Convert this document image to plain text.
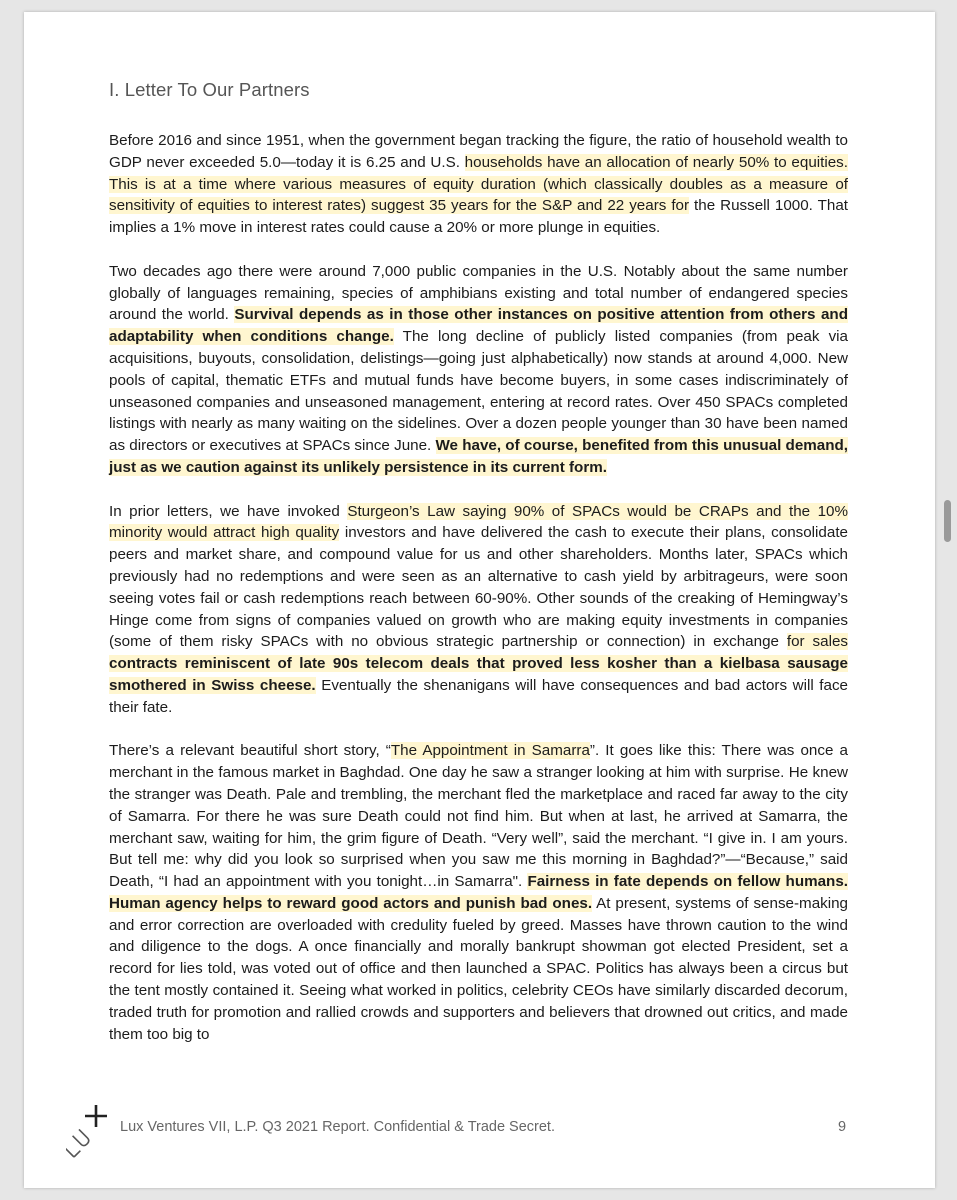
I. Letter To Our Partners

Before 2016 and since 1951, when the government began tracking the figure, the ratio of household wealth to GDP never exceeded 5.0—today it is 6.25 and U.S. households have an allocation of nearly 50% to equities. This is at a time where various measures of equity duration (which classically doubles as a measure of sensitivity of equities to interest rates) suggest 35 years for the S&P and 22 years for the Russell 1000. That implies a 1% move in interest rates could cause a 20% or more plunge in equities.

Two decades ago there were around 7,000 public companies in the U.S. Notably about the same number globally of languages remaining, species of amphibians existing and total number of endangered species around the world. Survival depends as in those other instances on positive attention from others and adaptability when conditions change. The long decline of publicly listed companies (from peak via acquisitions, buyouts, consolidation, delistings—going just alphabetically) now stands at around 4,000. New pools of capital, thematic ETFs and mutual funds have become buyers, in some cases indiscriminately of unseasoned companies and unseasoned management, entering at record rates. Over 450 SPACs completed listings with nearly as many waiting on the sidelines. Over a dozen people younger than 30 have been named as directors or executives at SPACs since June. We have, of course, benefited from this unusual demand, just as we caution against its unlikely persistence in its current form.

In prior letters, we have invoked Sturgeon’s Law saying 90% of SPACs would be CRAPs and the 10% minority would attract high quality investors and have delivered the cash to execute their plans, consolidate peers and market share, and compound value for us and other shareholders. Months later, SPACs which previously had no redemptions and were seen as an alternative to cash yield by arbitrageurs, were soon seeing votes fail or cash redemptions reach between 60-90%. Other sounds of the creaking of Hemingway’s Hinge come from signs of companies valued on growth who are making equity investments in companies (some of them risky SPACs with no obvious strategic partnership or connection) in exchange for sales contracts reminiscent of late 90s telecom deals that proved less kosher than a kielbasa sausage smothered in Swiss cheese. Eventually the shenanigans will have consequences and bad actors will face their fate.

There’s a relevant beautiful short story, “The Appointment in Samarra”. It goes like this: There was once a merchant in the famous market in Baghdad. One day he saw a stranger looking at him with surprise. He knew the stranger was Death. Pale and trembling, the merchant fled the marketplace and raced far away to the city of Samarra. For there he was sure Death could not find him. But when at last, he arrived at Samarra, the merchant saw, waiting for him, the grim figure of Death. “Very well”, said the merchant. “I give in. I am yours. But tell me: why did you look so surprised when you saw me this morning in Baghdad?”—“Because,” said Death, “I had an appointment with you tonight…in Samarra". Fairness in fate depends on fellow humans. Human agency helps to reward good actors and punish bad ones. At present, systems of sense-making and error correction are overloaded with credulity fueled by greed. Masses have thrown caution to the wind and diligence to the dogs. A once financially and morally bankrupt showman got elected President, set a record for lies told, was voted out of office and then launched a SPAC. Politics has always been a circus but the tent mostly contained it. Seeing what worked in politics, celebrity CEOs have similarly discarded decorum, traded truth for promotion and rallied crowds and supporters and believers that drowned out critics, and made them too big to

Lux Ventures VII, L.P. Q3 2021 Report. Confidential & Trade Secret.	9
